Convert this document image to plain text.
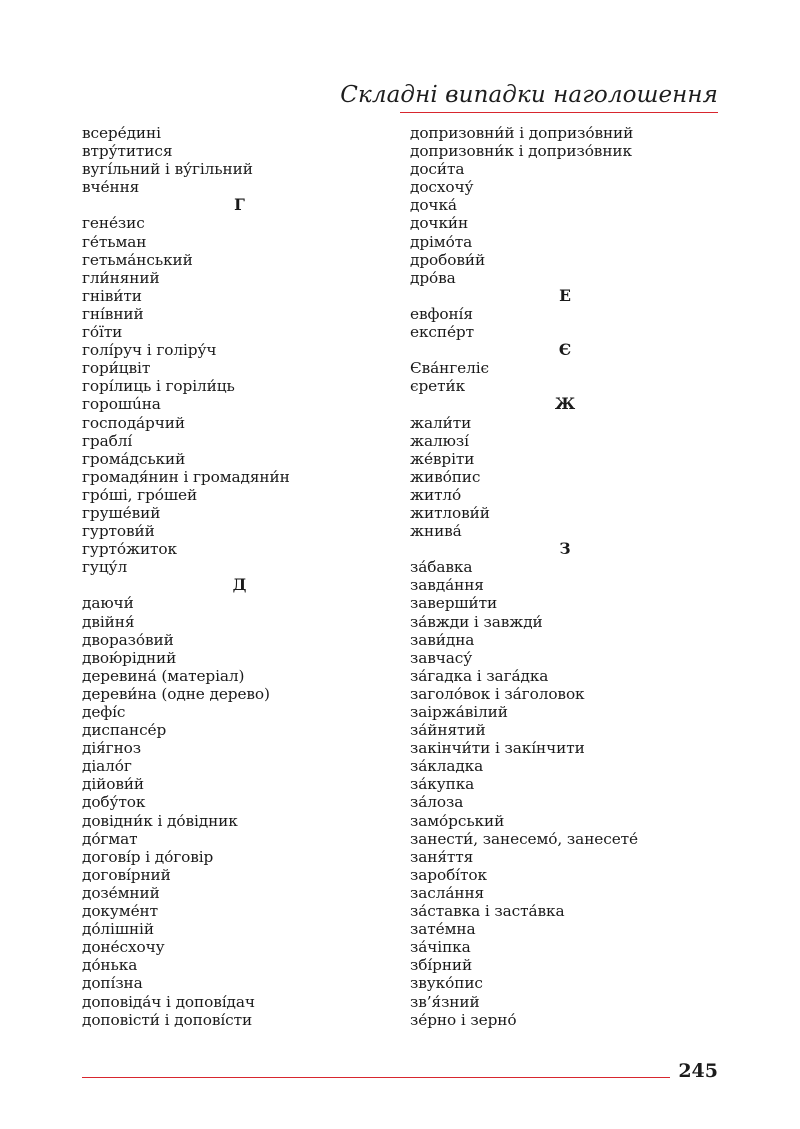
Складні випадки наголошення
всере́дині
втру́титися
вугі́льний і ву́гільний
вче́ння
Г
гене́зис
ге́тьман
гетьма́нський
гли́няний
гніви́ти
гні́вний
го́їти
голі́руч і голіру́ч
гори́цвіт
горі́лиць і горіли́ць
горошúна
господа́рчий
граблі́
грома́дський
громадя́нин і громадяни́н
гро́ші, гро́шей
груше́вий
гуртови́й
гурто́житок
гуцу́л
Д
даючи́
двійня́
двоpазо́вий
двою́рідний
деревина́ (матеріал)
дереви́на (одне дерево)
дефі́с
диспансе́р
дія́гноз
діало́г
дійови́й
добу́ток
довідни́к і до́відник
до́гмат
догові́р і до́говір
догові́рний
дозе́мний
докуме́нт
до́лішній
доне́схочу
до́нька
допі́зна
доповіда́ч і допові́дач
доповісти́ і допові́сти
допризовни́й і допризо́вний
допризовни́к і допризо́вник
доси́та
досхочу́
дочка́
дочки́н
дрімо́та
дробови́й
дро́ва
Е
евфоні́я
експе́рт
Є
Єва́нгеліє
єрети́к
Ж
жали́ти
жалюзі́
же́врiти
живо́пис
житло́
житлови́й
жнива́
З
за́бавка
завда́ння
заверши́ти
за́вжди і завжди́
зави́дна
завчасу́
за́гадка і зага́дка
заголо́вок і за́головок
заіржа́вілий
за́йнятий
закінчи́ти і закі́нчити
за́кладка
за́купка
за́лоза
замо́рський
занести́, занесемо́, занесете́
заня́ття
заробі́ток
засла́ння
за́ставка і заста́вка
зате́мна
за́чіпка
збі́рний
звуко́пис
зв’я́зний
зе́рно і зерно́
245
